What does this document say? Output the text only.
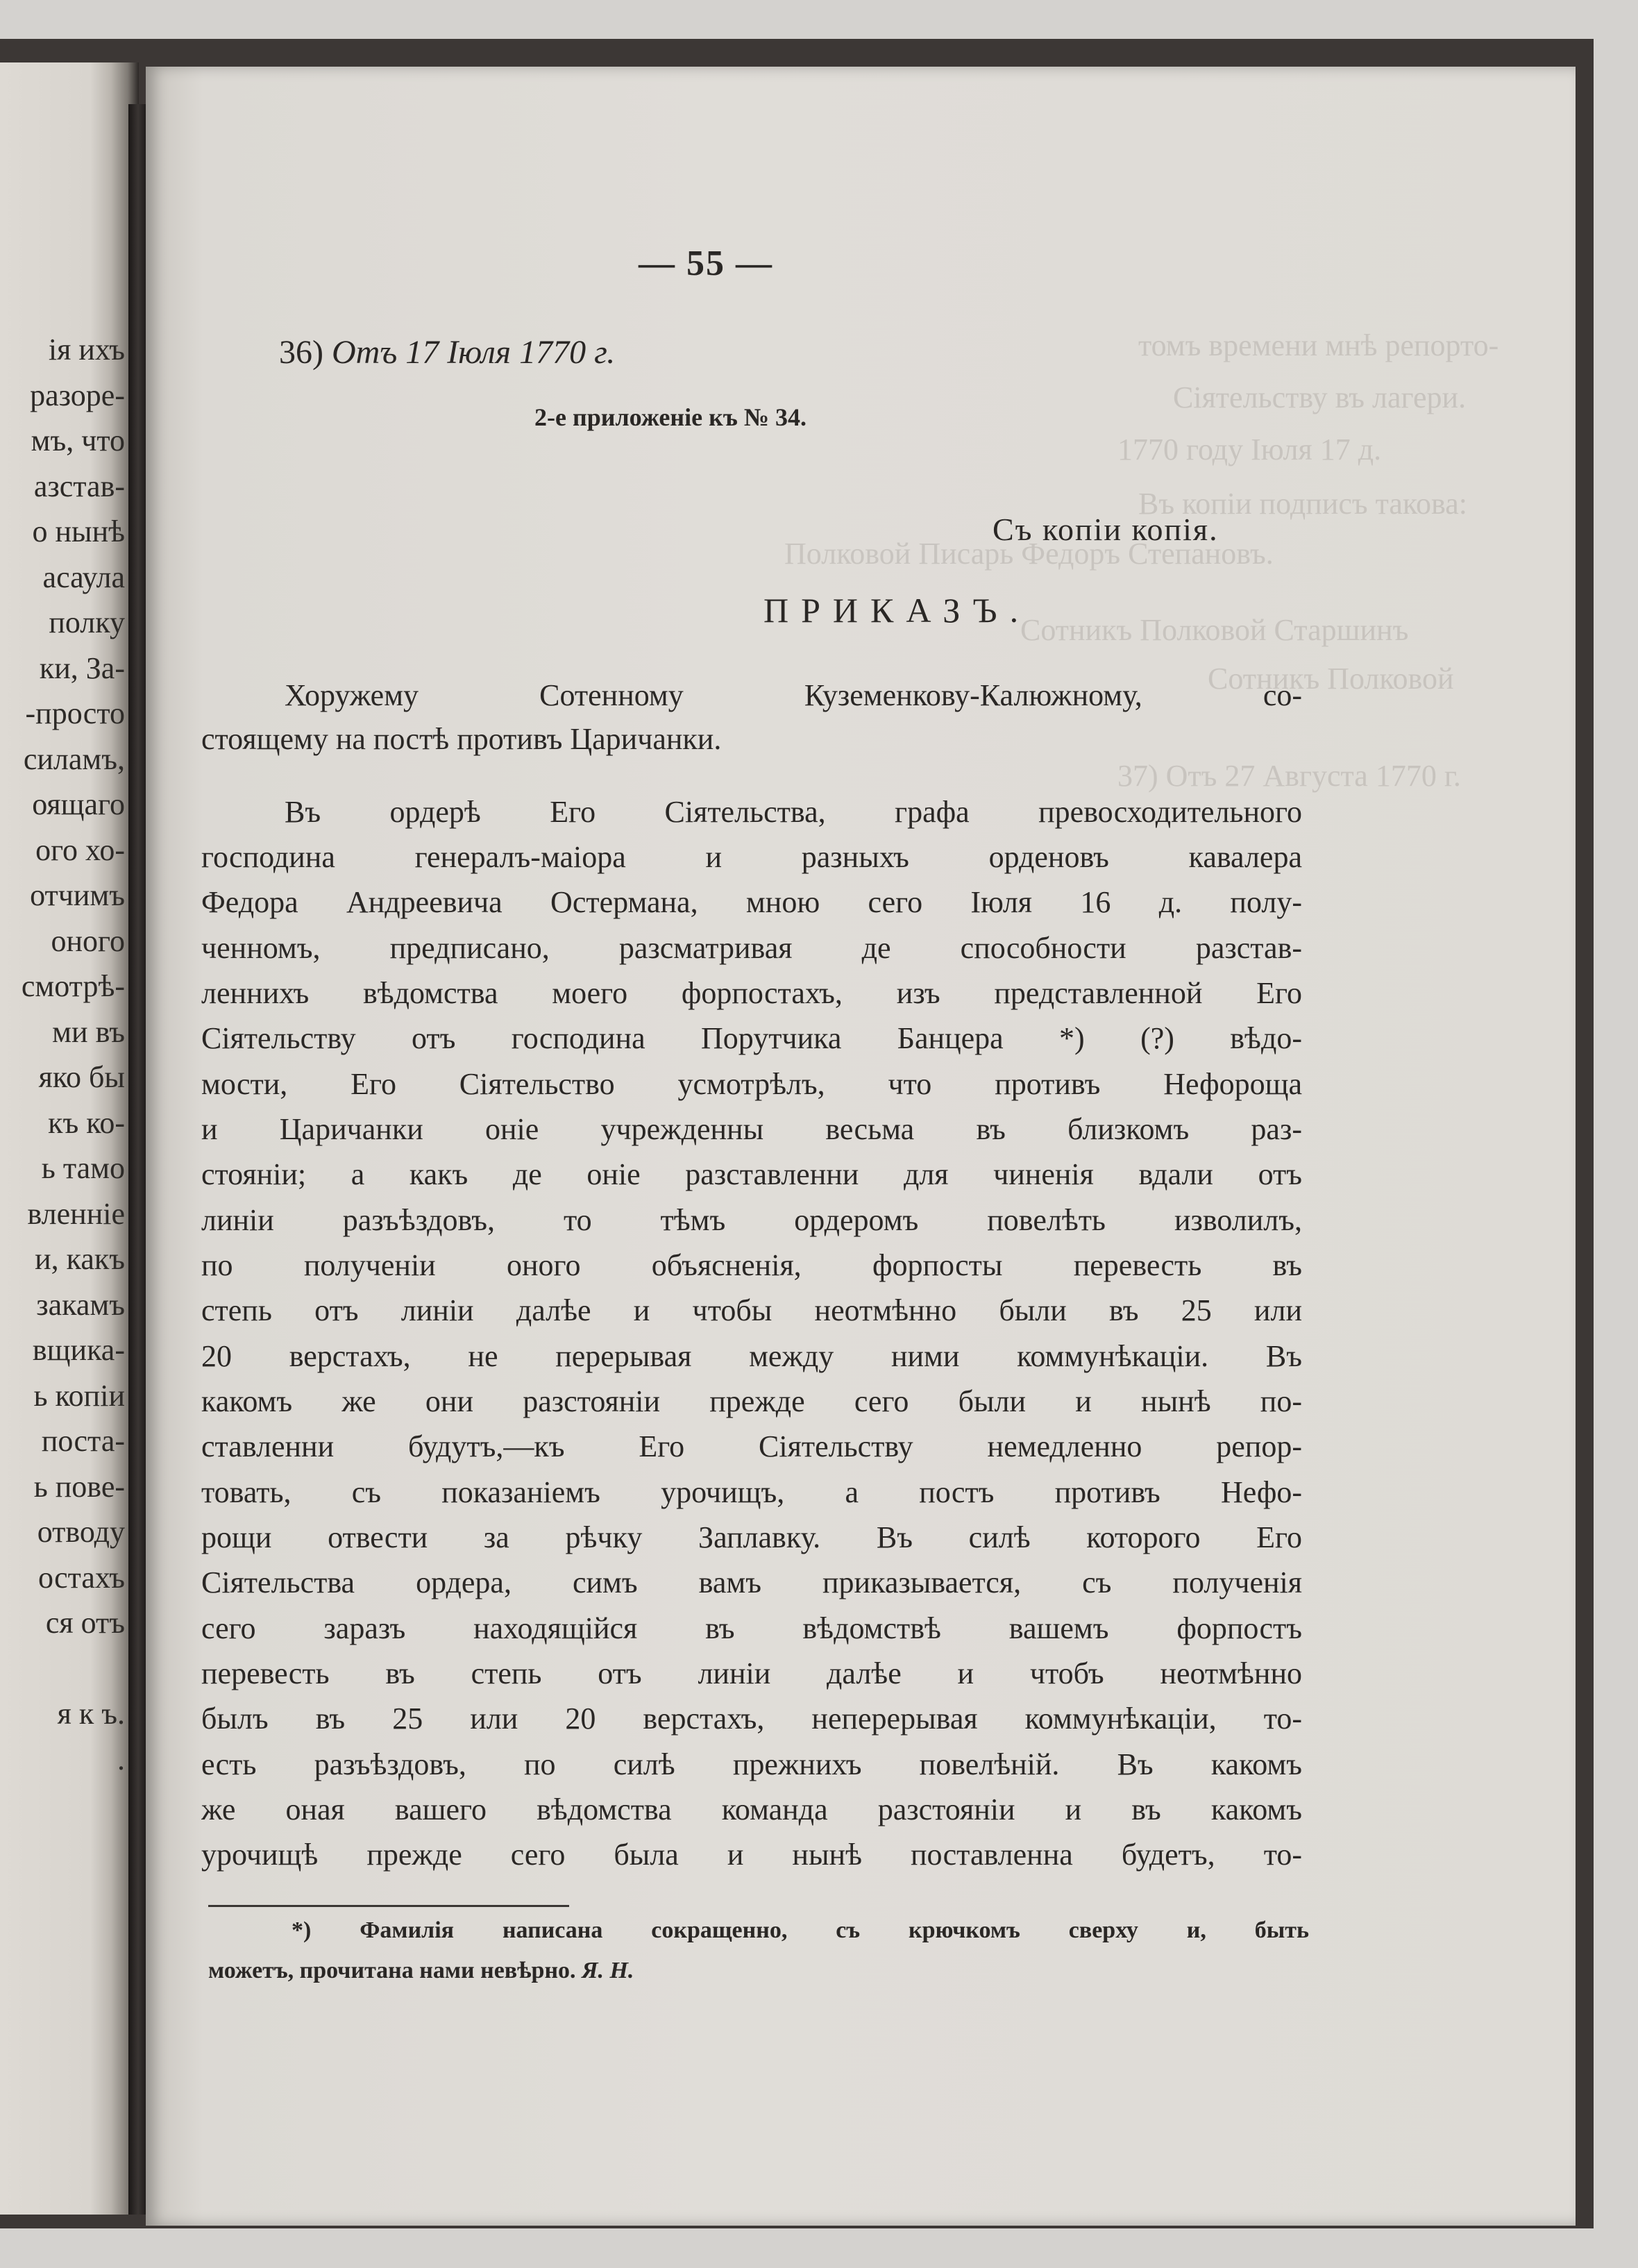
ія ихъ
разоре-
мъ, что
азстав-
о нынѣ
асаула
полку
ки, За-
-просто
силамъ,
оящаго
ого хо-
отчимъ
оного
смотрѣ-
ми въ
яко бы
къ ко-
ь тамо
вленніе
и, какъ
закамъ
вщика-
ь копіи
поста-
ь пове-
отводу
остахъ
ся отъ
я к ъ.
.
томъ времени мнѣ репорто-
Сіятельству въ лагери.
1770 году Іюля 17 д.
Въ копіи подписъ такова:
Полковой Писарь Федоръ Степановъ.
Сотникъ Полковой Старшинъ
Сотникъ Полковой
37) Отъ 27 Августа 1770 г.
— 55 —
36) Отъ 17 Іюля 1770 г.
2-е приложеніе къ № 34.
Съ копіи копія.
ПРИКАЗЪ.
Хоружему Сотенному Куземенкову-Калюжному, со-
стоящему на постѣ противъ Царичанки.
Въ ордерѣ Его Сіятельства, графа превосходительного
господина генералъ-маіора и разныхъ орденовъ кавалера
Федора Андреевича Остермана, мною сего Іюля 16 д. полу-
ченномъ, предписано, разсматривая де способности разстав-
леннихъ вѣдомства моего форпостахъ, изъ представленной Его
Сіятельству отъ господина Порутчика Банцера *) (?) вѣдо-
мости, Его Сіятельство усмотрѣлъ, что противъ Нефороща
и Царичанки оніе учрежденны весьма въ близкомъ раз-
стояніи; а какъ де оніе разставленни для чиненія вдали отъ
линіи разъѣздовъ, то тѣмъ ордеромъ повелѣть изволилъ,
по полученіи оного объясненія, форпосты перевесть въ
степь отъ линіи далѣе и чтобы неотмѣнно были въ 25 или
20 верстахъ, не перерывая между ними коммунѣкаціи. Въ
какомъ же они разстояніи прежде сего были и нынѣ по-
ставленни будутъ,—къ Его Сіятельству немедленно репор-
товать, съ показаніемъ урочищъ, а постъ противъ Нефо-
рощи отвести за рѣчку Заплавку. Въ силѣ которого Его
Сіятельства ордера, симъ вамъ приказывается, съ полученія
сего заразъ находящійся въ вѣдомствѣ вашемъ форпостъ
перевесть въ степь отъ линіи далѣе и чтобъ неотмѣнно
былъ въ 25 или 20 верстахъ, неперерывая коммунѣкаціи, то-
есть разъѣздовъ, по силѣ прежнихъ повелѣній. Въ какомъ
же оная вашего вѣдомства команда разстояніи и въ какомъ
урочищѣ прежде сего была и нынѣ поставленна будетъ, то-
*) Фамилія написана сокращенно, съ крючкомъ сверху и, быть
можетъ, прочитана нами невѣрно. Я. Н.
